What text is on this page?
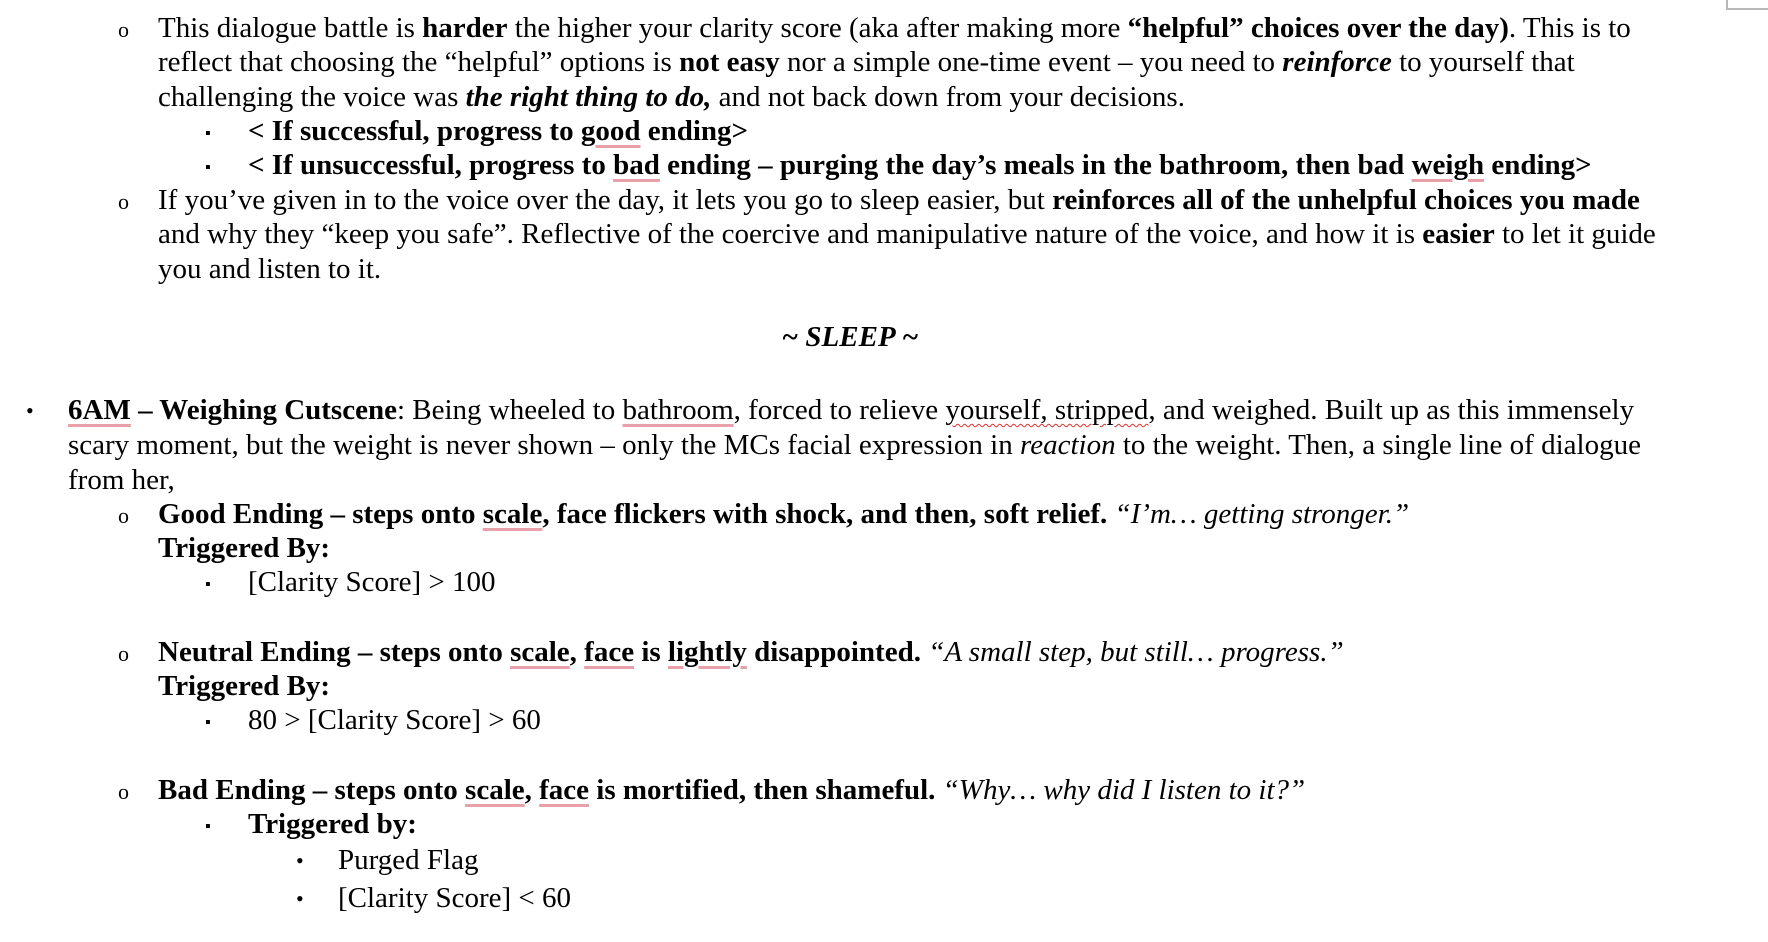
o This dialogue battle is harder the higher your clarity score (aka after making more “helpful” choices over the day). This is to
reflect that choosing the “helpful” options is not easy nor a simple one-time event – you need to reinforce to yourself that
challenging the voice was the right thing to do, and not back down from your decisions.
▪ < If successful, progress to good ending>
▪ < If unsuccessful, progress to bad ending – purging the day’s meals in the bathroom, then bad weigh ending>
o If you’ve given in to the voice over the day, it lets you go to sleep easier, but reinforces all of the unhelpful choices you made
and why they “keep you safe”. Reflective of the coercive and manipulative nature of the voice, and how it is easier to let it guide
you and listen to it.
~ SLEEP ~
• 6AM – Weighing Cutscene: Being wheeled to bathroom, forced to relieve yourself, stripped, and weighed. Built up as this immensely
scary moment, but the weight is never shown – only the MCs facial expression in reaction to the weight. Then, a single line of dialogue
from her,
o Good Ending – steps onto scale, face flickers with shock, and then, soft relief. “I’m… getting stronger.”
Triggered By:
▪ [Clarity Score] > 100
o Neutral Ending – steps onto scale, face is lightly disappointed. “A small step, but still… progress.”
Triggered By:
▪ 80 > [Clarity Score] > 60
o Bad Ending – steps onto scale, face is mortified, then shameful. “Why… why did I listen to it?”
▪ Triggered by:
• Purged Flag
• [Clarity Score] < 60
